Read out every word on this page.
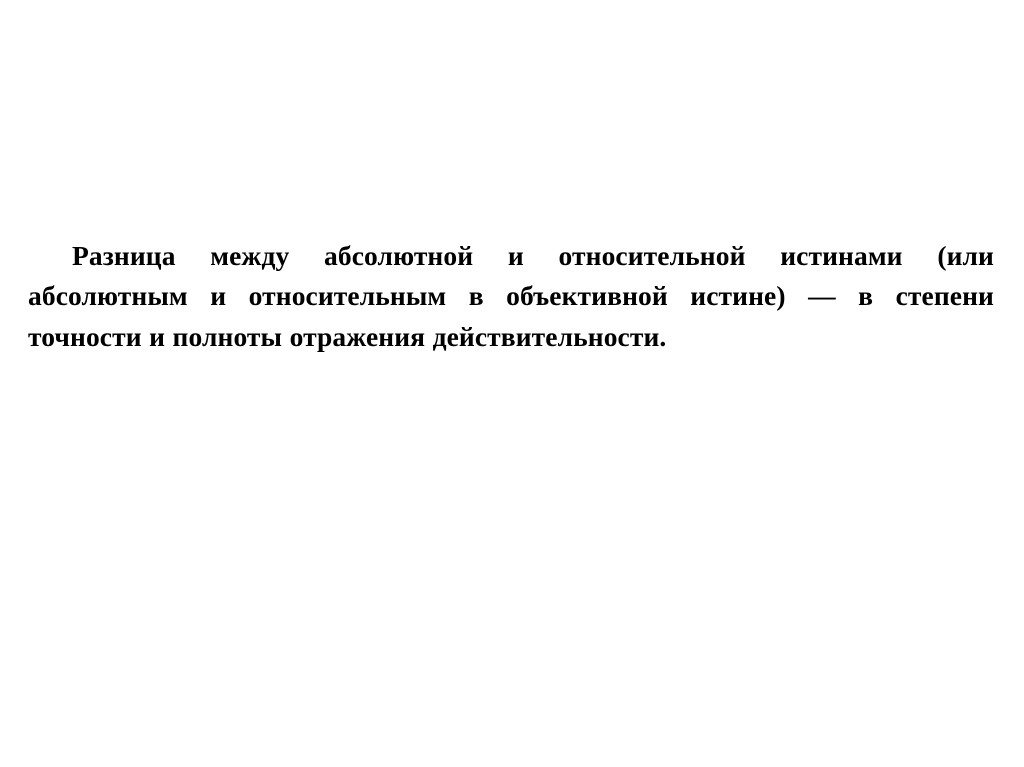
Разница между абсолютной и относительной истинами (или абсолютным и относительным в объективной истине) — в степени точности и полноты отражения действительности.
